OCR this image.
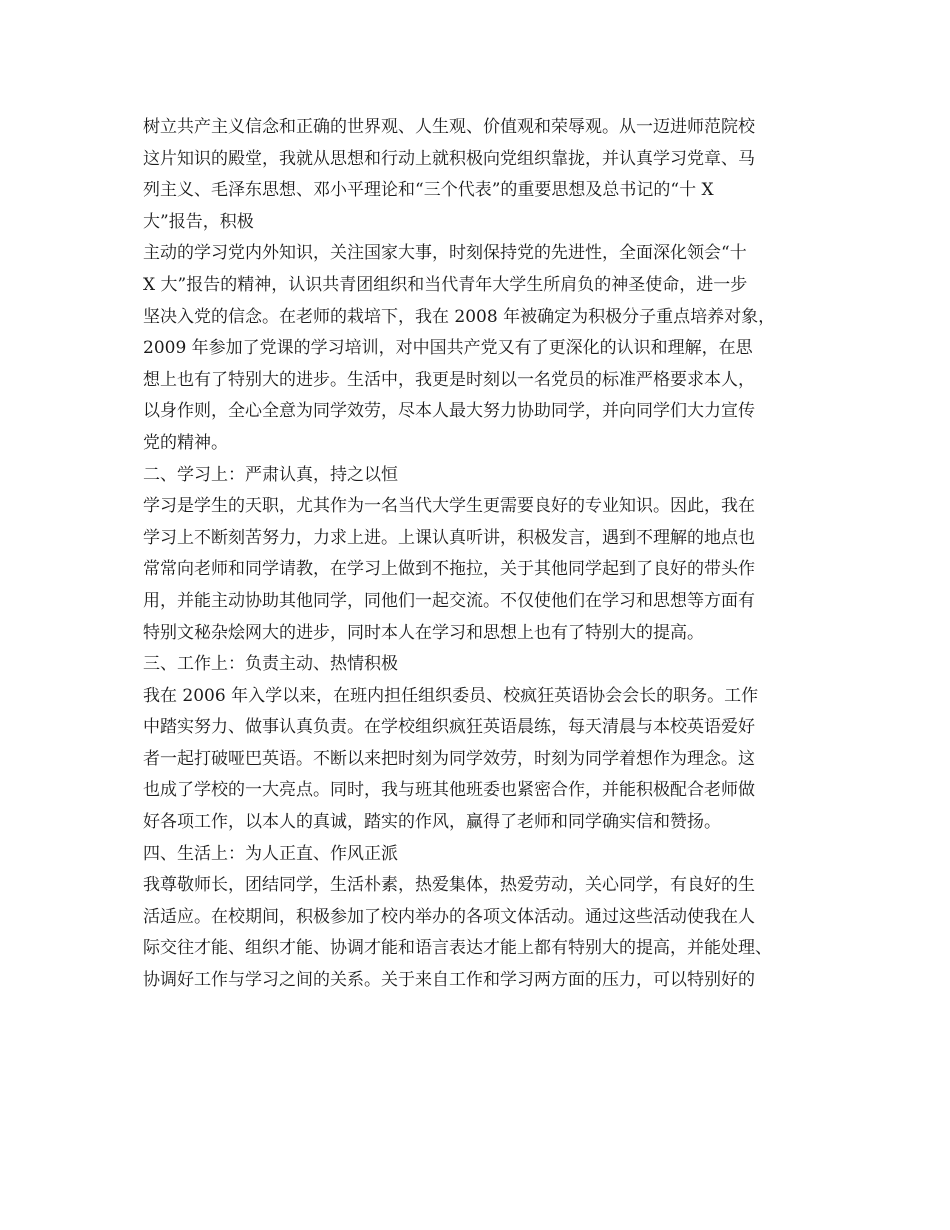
树立共产主义信念和正确的世界观、人生观、价值观和荣辱观。从一迈进师范院校
这片知识的殿堂，我就从思想和行动上就积极向党组织靠拢，并认真学习党章、马
列主义、毛泽东思想、邓小平理论和“三个代表”的重要思想及总书记的“十 X
大”报告，积极
主动的学习党内外知识，关注国家大事，时刻保持党的先进性，全面深化领会“十
X 大”报告的精神，认识共青团组织和当代青年大学生所肩负的神圣使命，进一步
坚决入党的信念。在老师的栽培下，我在 2008 年被确定为积极分子重点培养对象，
2009 年参加了党课的学习培训，对中国共产党又有了更深化的认识和理解，在思
想上也有了特别大的进步。生活中，我更是时刻以一名党员的标准严格要求本人，
以身作则，全心全意为同学效劳，尽本人最大努力协助同学，并向同学们大力宣传
党的精神。
二、学习上：严肃认真，持之以恒
学习是学生的天职，尤其作为一名当代大学生更需要良好的专业知识。因此，我在
学习上不断刻苦努力，力求上进。上课认真听讲，积极发言，遇到不理解的地点也
常常向老师和同学请教，在学习上做到不拖拉，关于其他同学起到了良好的带头作
用，并能主动协助其他同学，同他们一起交流。不仅使他们在学习和思想等方面有
特别文秘杂烩网大的进步，同时本人在学习和思想上也有了特别大的提高。
三、工作上：负责主动、热情积极
我在 2006 年入学以来，在班内担任组织委员、校疯狂英语协会会长的职务。工作
中踏实努力、做事认真负责。在学校组织疯狂英语晨练，每天清晨与本校英语爱好
者一起打破哑巴英语。不断以来把时刻为同学效劳，时刻为同学着想作为理念。这
也成了学校的一大亮点。同时，我与班其他班委也紧密合作，并能积极配合老师做
好各项工作，以本人的真诚，踏实的作风，赢得了老师和同学确实信和赞扬。
四、生活上：为人正直、作风正派
我尊敬师长，团结同学，生活朴素，热爱集体，热爱劳动，关心同学，有良好的生
活适应。在校期间，积极参加了校内举办的各项文体活动。通过这些活动使我在人
际交往才能、组织才能、协调才能和语言表达才能上都有特别大的提高，并能处理、
协调好工作与学习之间的关系。关于来自工作和学习两方面的压力，可以特别好的
